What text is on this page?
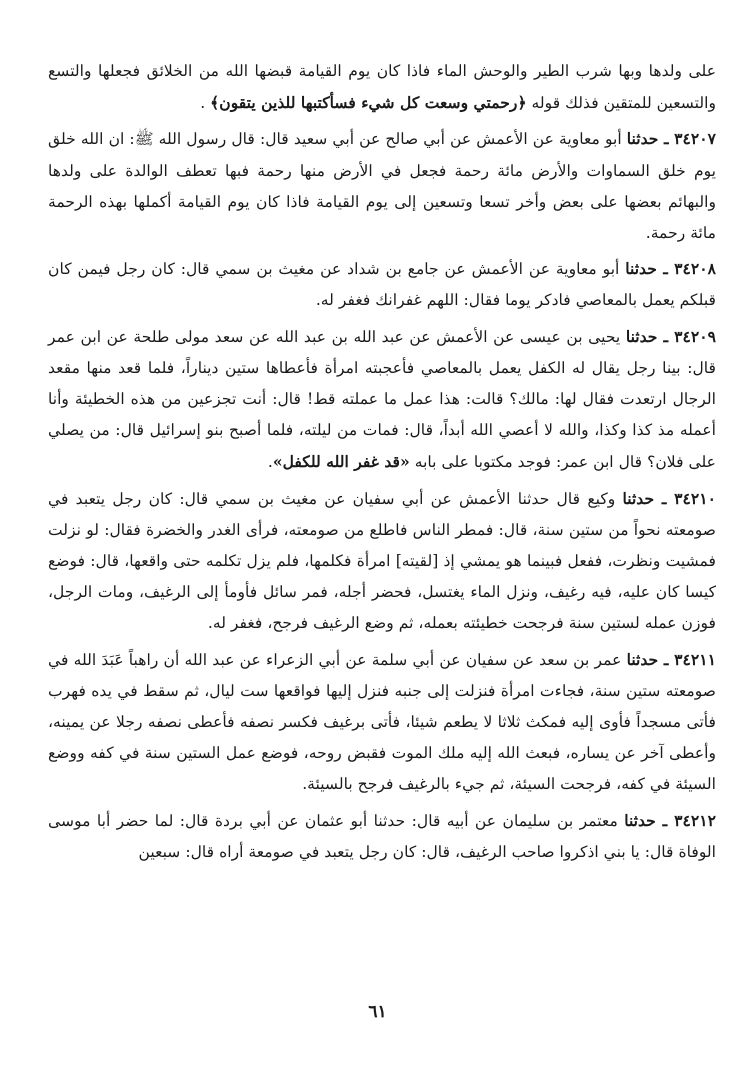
على ولدها وبها شرب الطير والوحش الماء فاذا كان يوم القيامة قبضها الله من الخلائق فجعلها والتسع والتسعين للمتقين فذلك قوله ﴿رحمتي وسعت كل شيء فسأكتبها للذين يتقون﴾ .

٣٤٢٠٧ ـ حدثنا أبو معاوية عن الأعمش عن أبي صالح عن أبي سعيد قال: قال رسول الله ﷺ: ان الله خلق يوم خلق السماوات والأرض مائة رحمة فجعل في الأرض منها رحمة فبها تعطف الوالدة على ولدها والبهائم بعضها على بعض وأخر تسعا وتسعين إلى يوم القيامة فاذا كان يوم القيامة أكملها بهذه الرحمة مائة رحمة.

٣٤٢٠٨ ـ حدثنا أبو معاوية عن الأعمش عن جامع بن شداد عن مغيث بن سمي قال: كان رجل فيمن كان قبلكم يعمل بالمعاصي فادكر يوما فقال: اللهم غفرانك فغفر له.

٣٤٢٠٩ ـ حدثنا يحيى بن عيسى عن الأعمش عن عبد الله بن عبد الله عن سعد مولى طلحة عن ابن عمر قال: بينا رجل يقال له الكفل يعمل بالمعاصي فأعجبته امرأة فأعطاها ستين ديناراً، فلما قعد منها مقعد الرجال ارتعدت فقال لها: مالك؟ قالت: هذا عمل ما عملته قط! قال: أنت تجزعين من هذه الخطيئة وأنا أعمله مذ كذا وكذا، والله لا أعصي الله أبداً، قال: فمات من ليلته، فلما أصبح بنو إسرائيل قال: من يصلي على فلان؟ قال ابن عمر: فوجد مكتوبا على بابه «قد غفر الله للكفل».

٣٤٢١٠ ـ حدثنا وكيع قال حدثنا الأعمش عن أبي سفيان عن مغيث بن سمي قال: كان رجل يتعبد في صومعته نحواً من ستين سنة، قال: فمطر الناس فاطلع من صومعته، فرأى الغدر والخضرة فقال: لو نزلت فمشيت ونظرت، ففعل فبينما هو يمشي إذ [لقيته] امرأة فكلمها، فلم يزل تكلمه حتى واقعها، قال: فوضع كيسا كان عليه، فيه رغيف، ونزل الماء يغتسل، فحضر أجله، فمر سائل فأومأ إلى الرغيف، ومات الرجل، فوزن عمله لستين سنة فرجحت خطيئته بعمله، ثم وضع الرغيف فرجح، فغفر له.

٣٤٢١١ ـ حدثنا عمر بن سعد عن سفيان عن أبي سلمة عن أبي الزعراء عن عبد الله أن راهباً عَبَدَ الله في صومعته ستين سنة، فجاءت امرأة فنزلت إلى جنبه فنزل إليها فواقعها ست ليال، ثم سقط في يده فهرب فأتى مسجداً فأوى إليه فمكث ثلاثا لا يطعم شيئا، فأتى برغيف فكسر نصفه فأعطى نصفه رجلا عن يمينه، وأعطى آخر عن يساره، فبعث الله إليه ملك الموت فقبض روحه، فوضع عمل الستين سنة في كفه ووضع السيئة في كفه، فرجحت السيئة، ثم جيء بالرغيف فرجح بالسيئة.

٣٤٢١٢ ـ حدثنا معتمر بن سليمان عن أبيه قال: حدثنا أبو عثمان عن أبي بردة قال: لما حضر أبا موسى الوفاة قال: يا بني اذكروا صاحب الرغيف، قال: كان رجل يتعبد في صومعة أراه قال: سبعين

٦١
